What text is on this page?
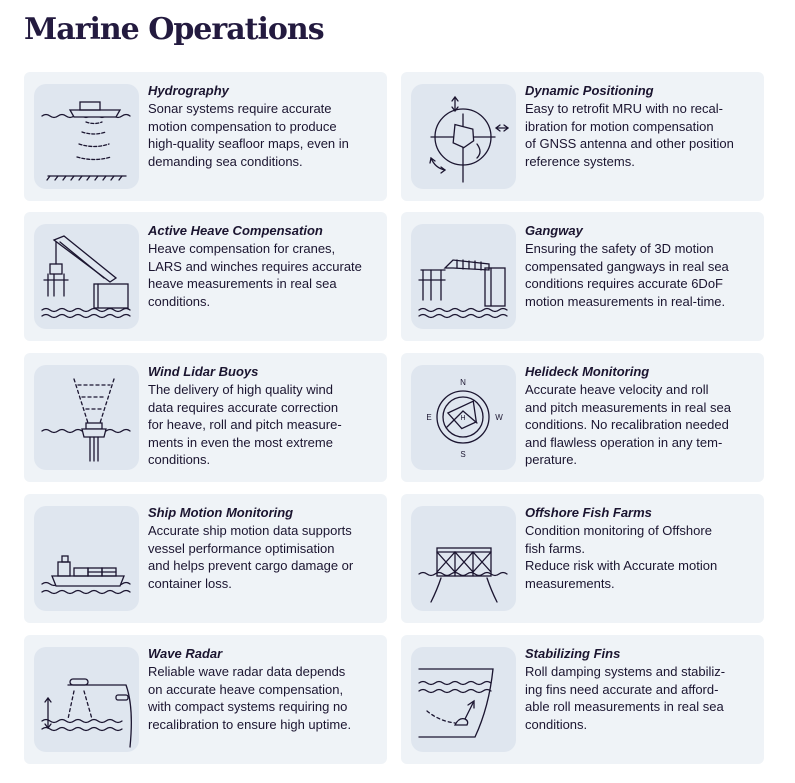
Marine Operations
Hydrography
Sonar systems require accurate
motion compensation to produce
high-quality seafloor maps, even in
demanding sea conditions.
Dynamic Positioning
Easy to retrofit MRU with no recal-
ibration for motion compensation
of GNSS antenna and other position
reference systems.
Active Heave Compensation
Heave compensation for cranes,
LARS and winches requires accurate
heave measurements in real sea
conditions.
Gangway
Ensuring the safety of 3D motion
compensated gangways in real sea
conditions requires accurate 6DoF
motion measurements in real-time.
Wind Lidar Buoys
The delivery of high quality wind
data requires accurate correction
for heave, roll and pitch measure-
ments in even the most extreme
conditions.
N
E	W
S
H
Helideck Monitoring
Accurate heave velocity and roll
and pitch measurements in real sea
conditions. No recalibration needed
and flawless operation in any tem-
perature.
Ship Motion Monitoring
Accurate ship motion data supports
vessel performance optimisation
and helps prevent cargo damage or
container loss.
Offshore Fish Farms
Condition monitoring of Offshore
fish farms.
Reduce risk with Accurate motion
measurements.
Wave Radar
Reliable wave radar data depends
on accurate heave compensation,
with compact systems requiring no
recalibration to ensure high uptime.
Stabilizing Fins
Roll damping systems and stabiliz-
ing fins need accurate and afford-
able roll measurements in real sea
conditions.
